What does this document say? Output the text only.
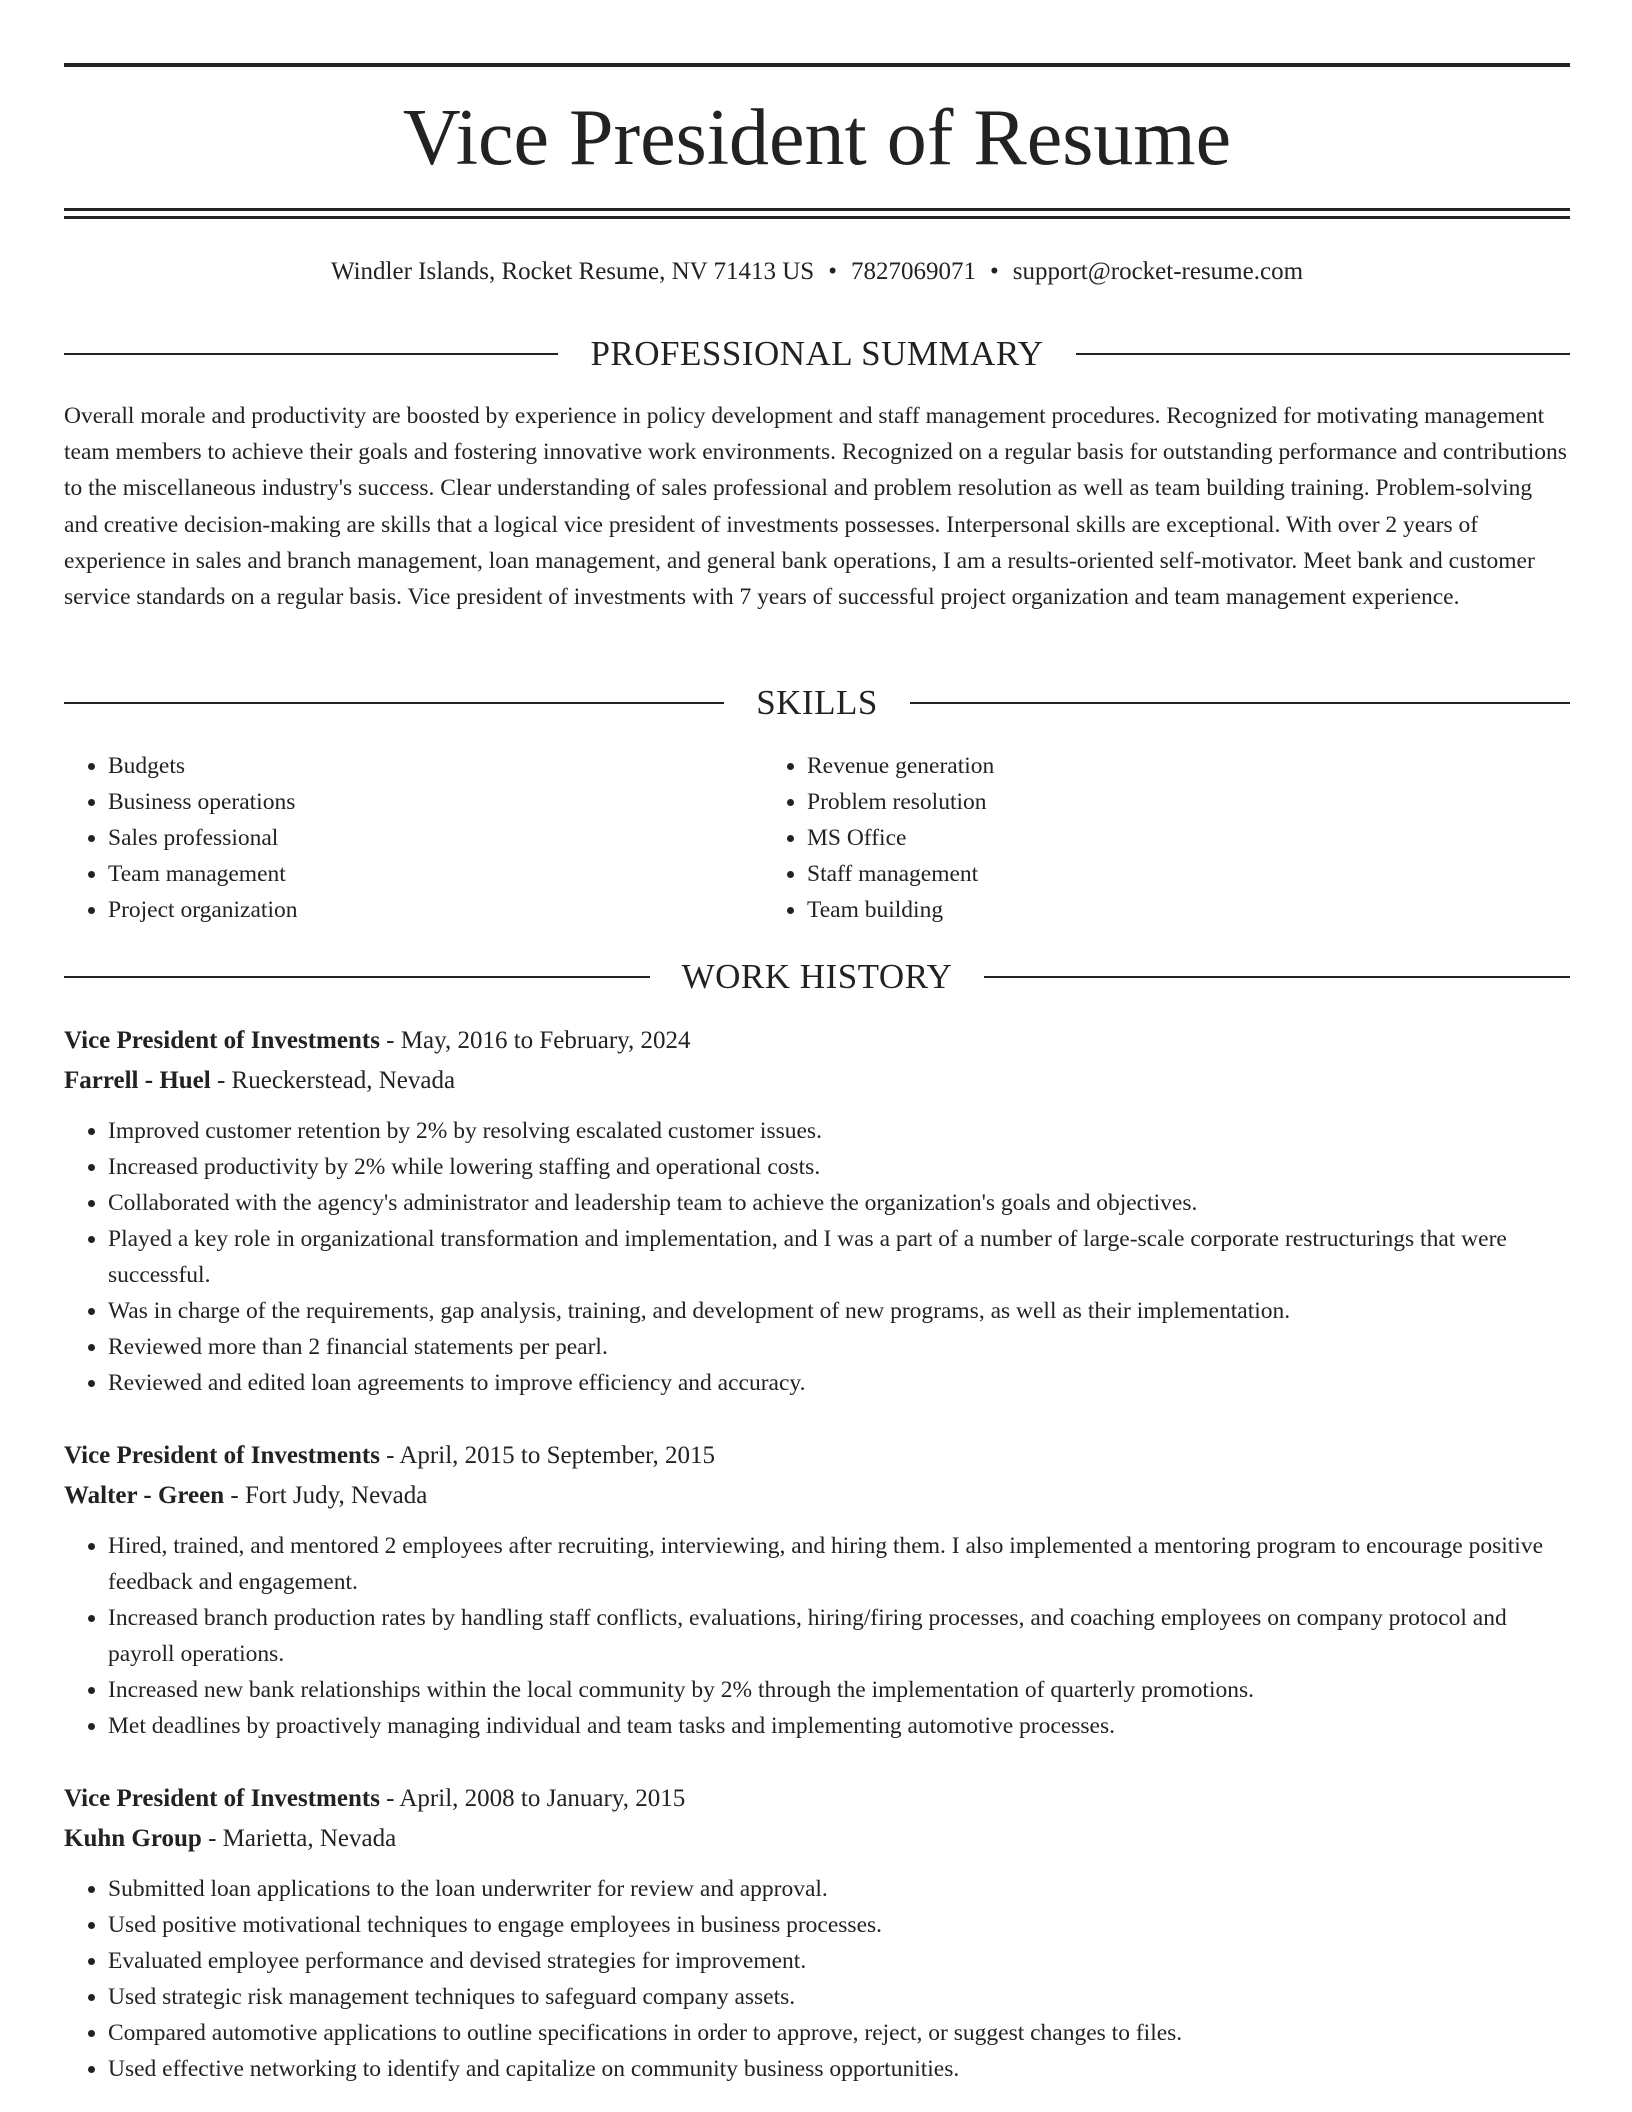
Vice President of Resume
Windler Islands, Rocket Resume, NV 71413 US • 7827069071 • support@rocket-resume.com
PROFESSIONAL SUMMARY

Overall morale and productivity are boosted by experience in policy development and staff management procedures. Recognized for motivating management team members to achieve their goals and fostering innovative work environments. Recognized on a regular basis for outstanding performance and contributions to the miscellaneous industry's success. Clear understanding of sales professional and problem resolution as well as team building training. Problem-solving and creative decision-making are skills that a logical vice president of investments possesses. Interpersonal skills are exceptional. With over 2 years of experience in sales and branch management, loan management, and general bank operations, I am a results-oriented self-motivator. Meet bank and customer service standards on a regular basis. Vice president of investments with 7 years of successful project organization and team management experience.

SKILLS
• Budgets
• Business operations
• Sales professional
• Team management
• Project organization
• Revenue generation
• Problem resolution
• MS Office
• Staff management
• Team building
WORK HISTORY
Vice President of Investments - May, 2016 to February, 2024
Farrell - Huel - Rueckerstead, Nevada
• Improved customer retention by 2% by resolving escalated customer issues.
• Increased productivity by 2% while lowering staffing and operational costs.
• Collaborated with the agency's administrator and leadership team to achieve the organization's goals and objectives.
• Played a key role in organizational transformation and implementation, and I was a part of a number of large-scale corporate restructurings that were successful.
• Was in charge of the requirements, gap analysis, training, and development of new programs, as well as their implementation.
• Reviewed more than 2 financial statements per pearl.
• Reviewed and edited loan agreements to improve efficiency and accuracy.
Vice President of Investments - April, 2015 to September, 2015
Walter - Green - Fort Judy, Nevada
• Hired, trained, and mentored 2 employees after recruiting, interviewing, and hiring them. I also implemented a mentoring program to encourage positive feedback and engagement.
• Increased branch production rates by handling staff conflicts, evaluations, hiring/firing processes, and coaching employees on company protocol and payroll operations.
• Increased new bank relationships within the local community by 2% through the implementation of quarterly promotions.
• Met deadlines by proactively managing individual and team tasks and implementing automotive processes.
Vice President of Investments - April, 2008 to January, 2015
Kuhn Group - Marietta, Nevada
• Submitted loan applications to the loan underwriter for review and approval.
• Used positive motivational techniques to engage employees in business processes.
• Evaluated employee performance and devised strategies for improvement.
• Used strategic risk management techniques to safeguard company assets.
• Compared automotive applications to outline specifications in order to approve, reject, or suggest changes to files.
• Used effective networking to identify and capitalize on community business opportunities.
